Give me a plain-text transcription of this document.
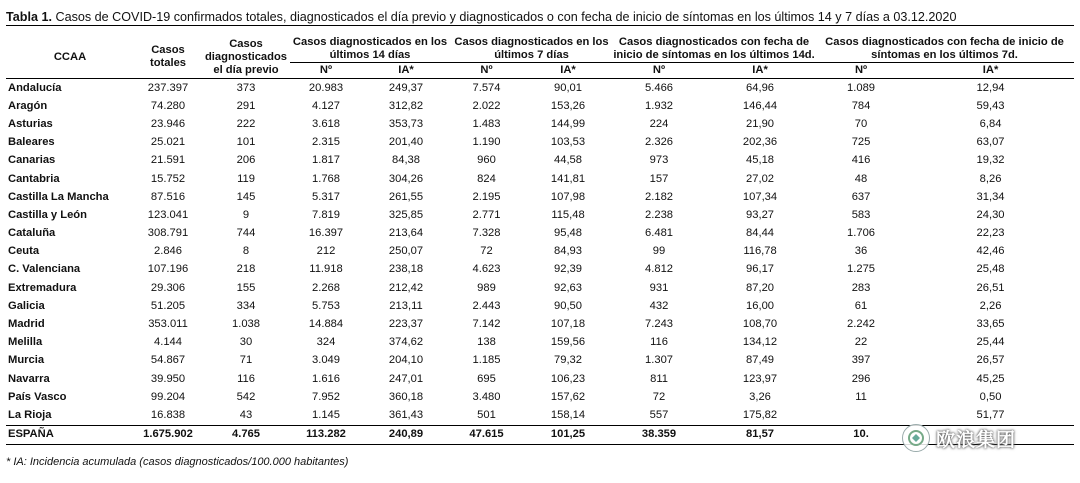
Tabla 1. Casos de COVID-19 confirmados totales, diagnosticados el día previo y diagnosticados o con fecha de inicio de síntomas en los últimos 14 y 7 días a 03.12.2020
CCAA	Casos totales	Casos diagnosticados el día previo	Casos diagnosticados en los últimos 14 días		Casos diagnosticados en los últimos 7 días		Casos diagnosticados con fecha de inicio de síntomas en los últimos 14d.		Casos diagnosticados con fecha de inicio de síntomas en los últimos 7d.	
			Nº	IA*	Nº	IA*	Nº	IA*	Nº	IA*
Andalucía	237.397	373	20.983	249,37	7.574	90,01	5.466	64,96	1.089	12,94
Aragón	74.280	291	4.127	312,82	2.022	153,26	1.932	146,44	784	59,43
Asturias	23.946	222	3.618	353,73	1.483	144,99	224	21,90	70	6,84
Baleares	25.021	101	2.315	201,40	1.190	103,53	2.326	202,36	725	63,07
Canarias	21.591	206	1.817	84,38	960	44,58	973	45,18	416	19,32
Cantabria	15.752	119	1.768	304,26	824	141,81	157	27,02	48	8,26
Castilla La Mancha	87.516	145	5.317	261,55	2.195	107,98	2.182	107,34	637	31,34
Castilla y León	123.041	9	7.819	325,85	2.771	115,48	2.238	93,27	583	24,30
Cataluña	308.791	744	16.397	213,64	7.328	95,48	6.481	84,44	1.706	22,23
Ceuta	2.846	8	212	250,07	72	84,93	99	116,78	36	42,46
C. Valenciana	107.196	218	11.918	238,18	4.623	92,39	4.812	96,17	1.275	25,48
Extremadura	29.306	155	2.268	212,42	989	92,63	931	87,20	283	26,51
Galicia	51.205	334	5.753	213,11	2.443	90,50	432	16,00	61	2,26
Madrid	353.011	1.038	14.884	223,37	7.142	107,18	7.243	108,70	2.242	33,65
Melilla	4.144	30	324	374,62	138	159,56	116	134,12	22	25,44
Murcia	54.867	71	3.049	204,10	1.185	79,32	1.307	87,49	397	26,57
Navarra	39.950	116	1.616	247,01	695	106,23	811	123,97	296	45,25
País Vasco	99.204	542	7.952	360,18	3.480	157,62	72	3,26	11	0,50
La Rioja	16.838	43	1.145	361,43	501	158,14	557	175,82		51,77
ESPAÑA	1.675.902	4.765	113.282	240,89	47.615	101,25	38.359	81,57	10.	
* IA: Incidencia acumulada (casos diagnosticados/100.000 habitantes)
欧浪集团
